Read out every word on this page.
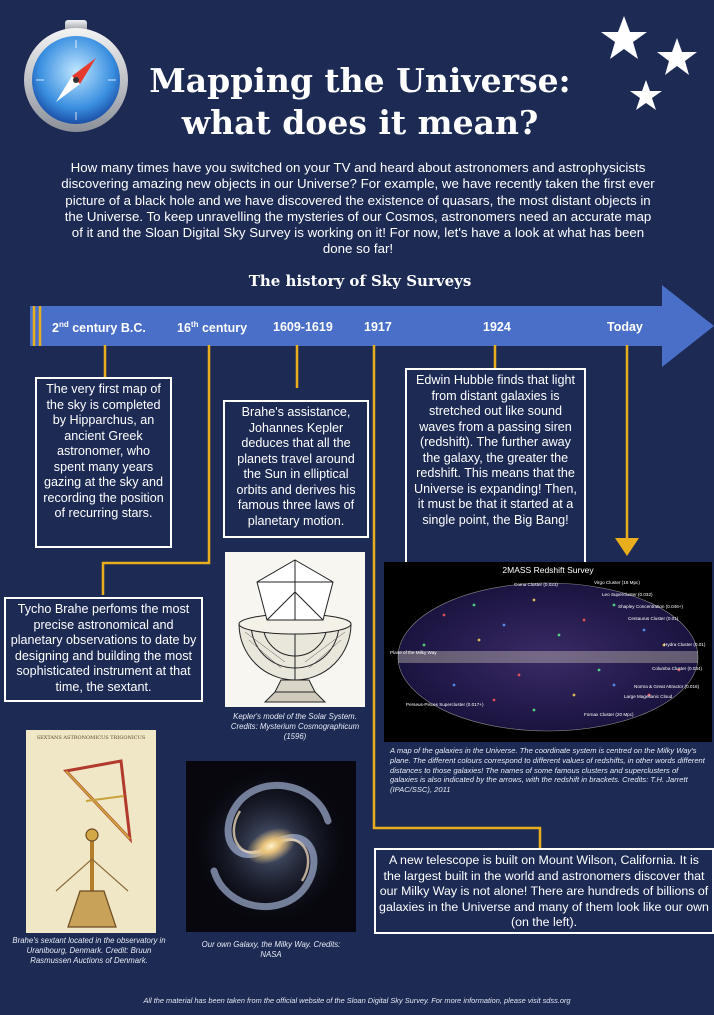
Mapping the Universe:
what does it mean?

How many times have you switched on your TV and heard about astronomers and astrophysicists discovering amazing new objects in our Universe? For example, we have recently taken the first ever picture of a black hole and we have discovered the existence of quasars, the most distant objects in the Universe. To keep unravelling the mysteries of our Cosmos, astronomers need an accurate map of it and the Sloan Digital Sky Survey is working on it! For now, let's have a look at what has been done so far!

The history of Sky Surveys
2nd century B.C. 16th century 1609-1619 1917	1924	Today
The very first map of the sky is completed by Hipparchus, an ancient Greek astronomer, who spent many years gazing at the sky and recording the position of recurring stars.
Brahe's assistance, Johannes Kepler deduces that all the planets travel around the Sun in elliptical orbits and derives his famous three laws of planetary motion.
Edwin Hubble finds that light from distant galaxies is stretched out like sound waves from a passing siren (redshift). The further away the galaxy, the greater the redshift. This means that the Universe is expanding! Then, it must be that it started at a single point, the Big Bang!
Tycho Brahe perfoms the most precise astronomical and planetary observations to date by designing and building the most sophisticated instrument at that time, the sextant.
A new telescope is built on Mount Wilson, California. It is the largest built in the world and astronomers discover that our Milky Way is not alone! There are hundreds of billions of galaxies in the Universe and many of them look like our own (on the left).
Kepler's model of the Solar System. Credits: Mysterium Cosmographicum (1596)
SEXTANS ASTRONOMICUS TRIGONICUS
Brahe's sextant located in the observatory in Uranibourg, Denmark. Credit: Bruun Rasmussen Auctions of Denmark.
Our own Galaxy, the Milky Way. Credits: NASA
2MASS Redshift Survey
Virgo Cluster (16 Mpc)
Leo Supercluster (0.032)
Shapley Concentration (0.046+)
Centaurus Cluster (0.01)
Hydra Cluster (0.01)
Columba Cluster (0.034)
Norma & Great Attractor (0.016)
Large Magellanic Cloud
Fornax Cluster (20 Mpc)
Perseus-Pisces Supercluster (0.017+)
Coma Cluster (0.023)
Plane of the Milky Way
A map of the galaxies in the Universe. The coordinate system is centred on the Milky Way's plane. The different colours correspond to different values of redshifts, in other words different distances to those galaxies! The names of some famous clusters and superclusters of galaxies is also indicated by the arrows, with the redshift in brackets. Credits: T.H. Jarrett (IPAC/SSC), 2011
All the material has been taken from the official website of the Sloan Digital Sky Survey. For more information, please visit sdss.org
